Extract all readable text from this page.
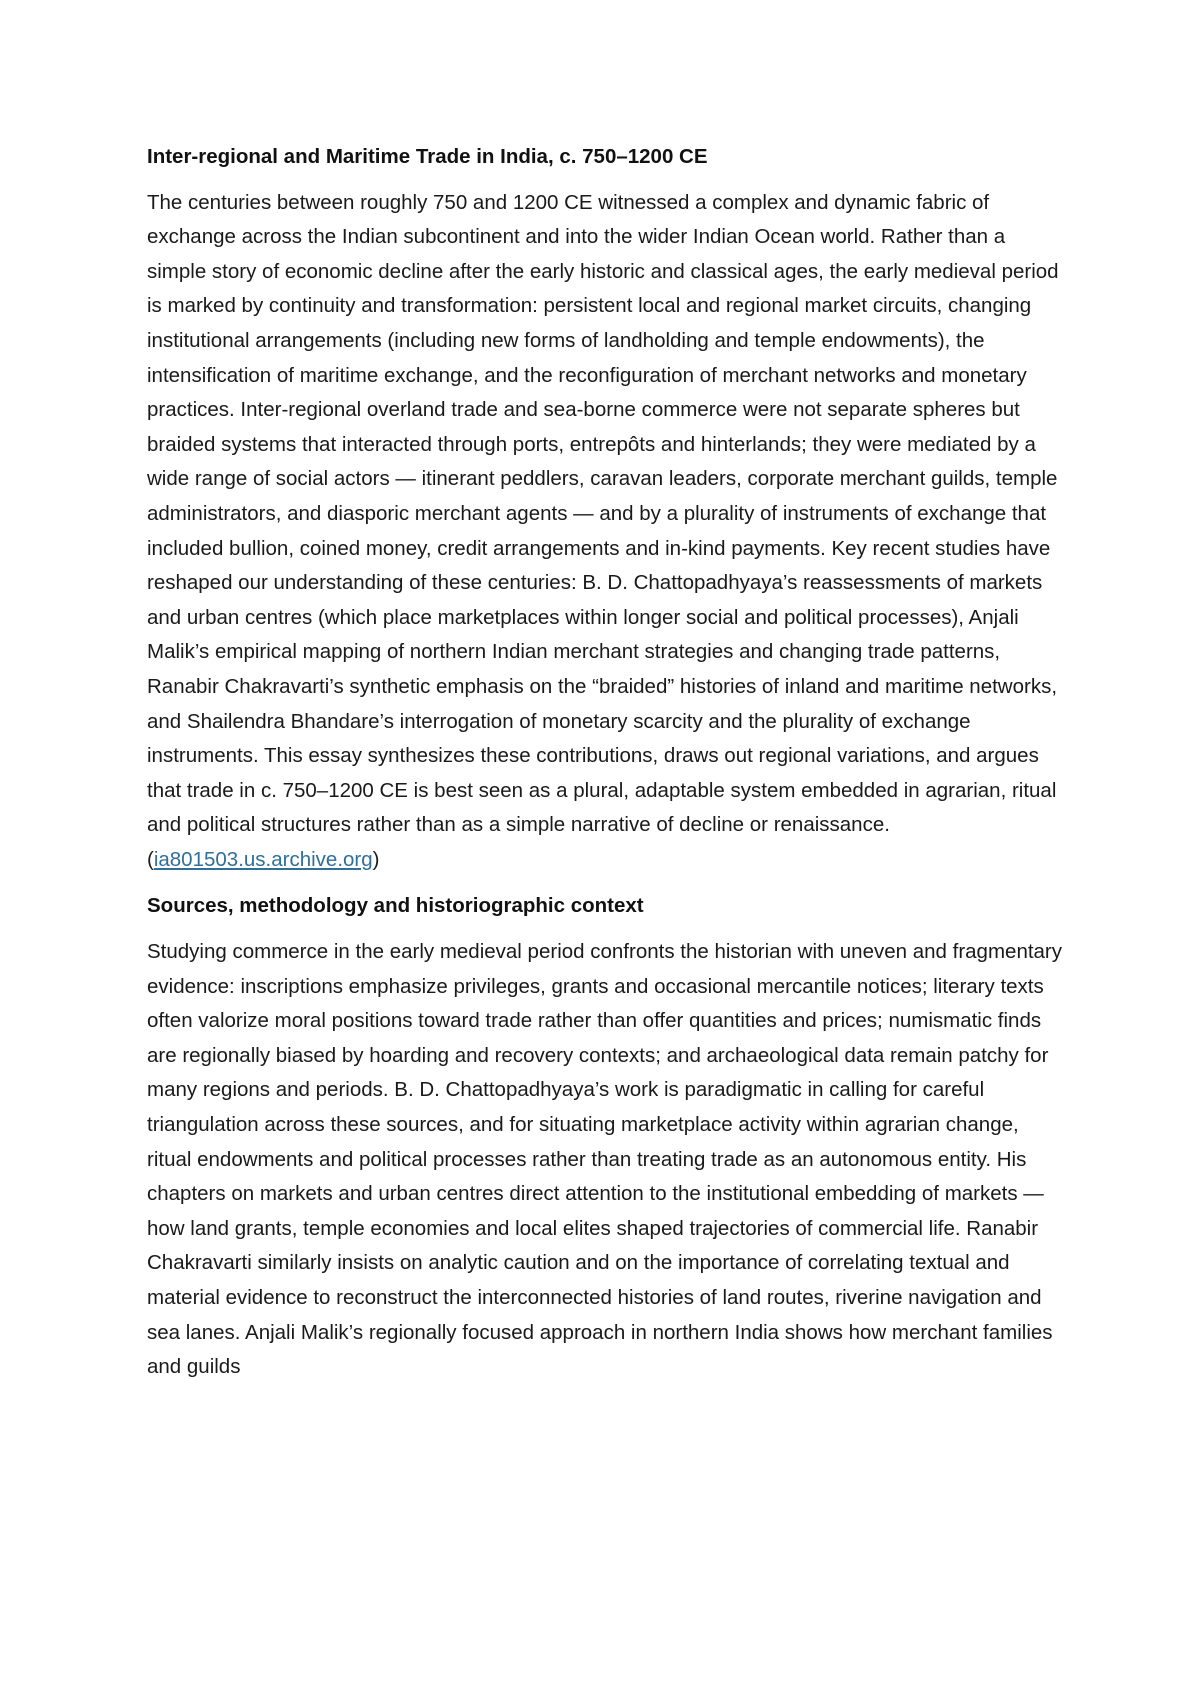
Inter-regional and Maritime Trade in India, c. 750–1200 CE

The centuries between roughly 750 and 1200 CE witnessed a complex and dynamic fabric of exchange across the Indian subcontinent and into the wider Indian Ocean world. Rather than a simple story of economic decline after the early historic and classical ages, the early medieval period is marked by continuity and transformation: persistent local and regional market circuits, changing institutional arrangements (including new forms of landholding and temple endowments), the intensification of maritime exchange, and the reconfiguration of merchant networks and monetary practices. Inter-regional overland trade and sea-borne commerce were not separate spheres but braided systems that interacted through ports, entrepôts and hinterlands; they were mediated by a wide range of social actors — itinerant peddlers, caravan leaders, corporate merchant guilds, temple administrators, and diasporic merchant agents — and by a plurality of instruments of exchange that included bullion, coined money, credit arrangements and in-kind payments. Key recent studies have reshaped our understanding of these centuries: B. D. Chattopadhyaya’s reassessments of markets and urban centres (which place marketplaces within longer social and political processes), Anjali Malik’s empirical mapping of northern Indian merchant strategies and changing trade patterns, Ranabir Chakravarti’s synthetic emphasis on the “braided” histories of inland and maritime networks, and Shailendra Bhandare’s interrogation of monetary scarcity and the plurality of exchange instruments. This essay synthesizes these contributions, draws out regional variations, and argues that trade in c. 750–1200 CE is best seen as a plural, adaptable system embedded in agrarian, ritual and political structures rather than as a simple narrative of decline or renaissance. (ia801503.us.archive.org)

Sources, methodology and historiographic context

Studying commerce in the early medieval period confronts the historian with uneven and fragmentary evidence: inscriptions emphasize privileges, grants and occasional mercantile notices; literary texts often valorize moral positions toward trade rather than offer quantities and prices; numismatic finds are regionally biased by hoarding and recovery contexts; and archaeological data remain patchy for many regions and periods. B. D. Chattopadhyaya’s work is paradigmatic in calling for careful triangulation across these sources, and for situating marketplace activity within agrarian change, ritual endowments and political processes rather than treating trade as an autonomous entity. His chapters on markets and urban centres direct attention to the institutional embedding of markets — how land grants, temple economies and local elites shaped trajectories of commercial life. Ranabir Chakravarti similarly insists on analytic caution and on the importance of correlating textual and material evidence to reconstruct the interconnected histories of land routes, riverine navigation and sea lanes. Anjali Malik’s regionally focused approach in northern India shows how merchant families and guilds
